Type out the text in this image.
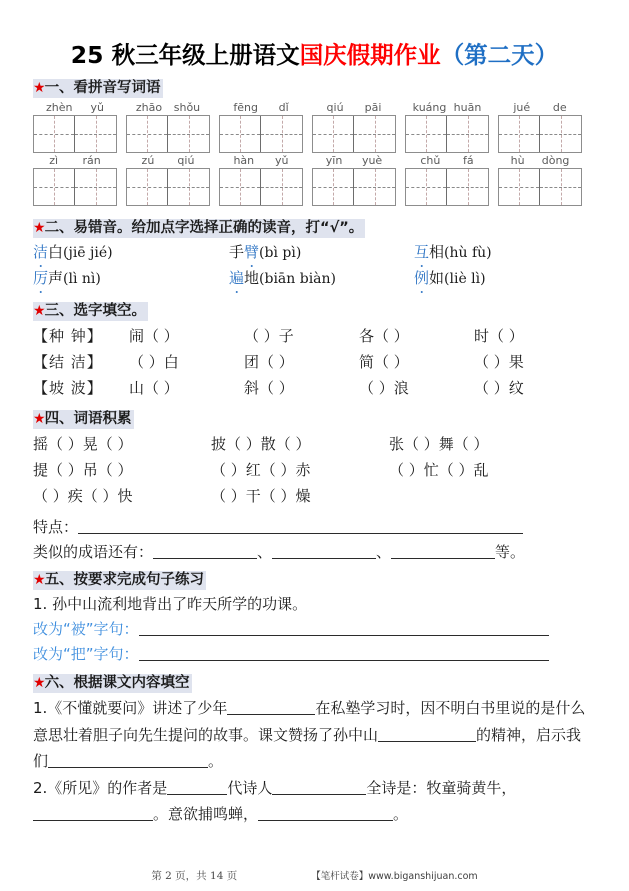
25 秋三年级上册语文国庆假期作业（第二天）
★一、看拼音写词语
zhèn yǔ	zhāo shǒu	fēng dǐ	qiú pāi	kuáng huān	jué de
zì rán	zú qiú	hàn yǔ	yīn yuè	chǔ fá	hù dòng
★二、易错音。给加点字选择正确的读音，打“√”。
洁白(jiē jié)	手臂(bì pì)	互相(hù fù)
厉声(lì nì)	遍地(biān biàn)	例如(liè lì)
★三、选字填空。
【种 钟】	闹（ ）	（ ）子	各（ ）	时（ ）
【结 洁】	（ ）白	团（ ）	简（ ）	（ ）果
【坡 波】	山（ ）	斜（ ）	（ ）浪	（ ）纹
★四、词语积累
摇（ ）晃（ ）	披（ ）散（ ）	张（ ）舞（ ）
提（ ）吊（ ）	（ ）红（ ）赤	（ ）忙（ ）乱
（ ）疾（ ）快	（ ）干（ ）燥
特点：
类似的成语还有：	、	、	等。
★五、按要求完成句子练习
1. 孙中山流利地背出了昨天所学的功课。
改为“被”字句：
改为“把”字句：
★六、根据课文内容填空
1.《不懂就要问》讲述了少年	在私塾学习时，因不明白书里说的是什么意思壮着胆子向先生提问的故事。课文赞扬了孙中山	的精神，启示我们	。
2.《所见》的作者是	代诗人	全诗是：牧童骑黄牛，。意欲捕鸣蝉，	。
第 2 页，共 14 页	【笔杆试卷】www.biganshijuan.com
